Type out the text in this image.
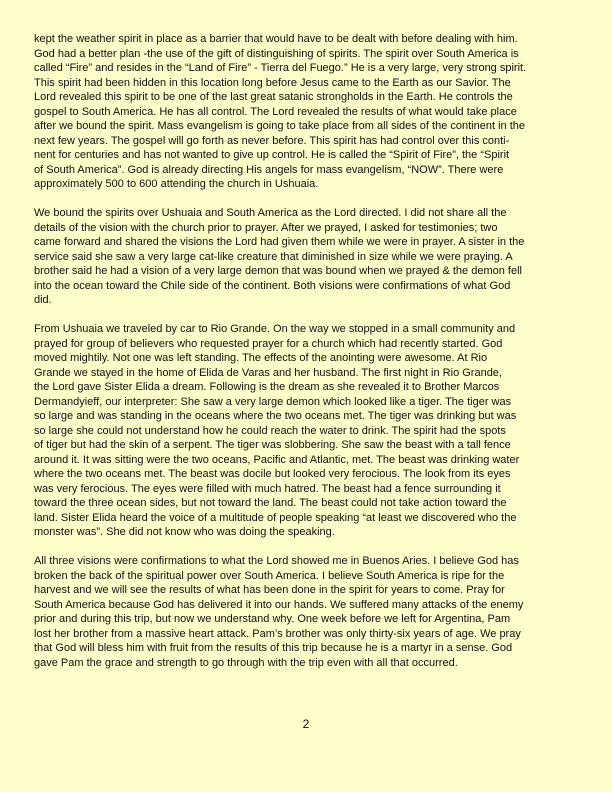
kept the weather spirit in place as a barrier that would have to be dealt with before dealing with him.
God had a better plan -the use of the gift of distinguishing of spirits. The spirit over South America is
called “Fire” and resides in the “Land of Fire” - Tierra del Fuego.” He is a very large, very strong spirit.
This spirit had been hidden in this location long before Jesus came to the Earth as our Savior. The
Lord revealed this spirit to be one of the last great satanic strongholds in the Earth. He controls the
gospel to South America. He has all control. The Lord revealed the results of what would take place
after we bound the spirit. Mass evangelism is going to take place from all sides of the continent in the
next few years. The gospel will go forth as never before. This spirit has had control over this conti-
nent for centuries and has not wanted to give up control. He is called the “Spirit of Fire”, the “Spirit
of South America”. God is already directing His angels for mass evangelism, “NOW”. There were
approximately 500 to 600 attending the church in Ushuaia.

We bound the spirits over Ushuaia and South America as the Lord directed. I did not share all the
details of the vision with the church prior to prayer. After we prayed, I asked for testimonies; two
came forward and shared the visions the Lord had given them while we were in prayer. A sister in the
service said she saw a very large cat-like creature that diminished in size while we were praying. A
brother said he had a vision of a very large demon that was bound when we prayed & the demon fell
into the ocean toward the Chile side of the continent. Both visions were confirmations of what God
did.

From Ushuaia we traveled by car to Rio Grande. On the way we stopped in a small community and
prayed for group of believers who requested prayer for a church which had recently started. God
moved mightily. Not one was left standing. The effects of the anointing were awesome. At Rio
Grande we stayed in the home of Elida de Varas and her husband. The first night in Rio Grande,
the Lord gave Sister Elida a dream. Following is the dream as she revealed it to Brother Marcos
Dermandyieff, our interpreter: She saw a very large demon which looked like a tiger. The tiger was
so large and was standing in the oceans where the two oceans met. The tiger was drinking but was
so large she could not understand how he could reach the water to drink. The spirit had the spots
of tiger but had the skin of a serpent. The tiger was slobbering. She saw the beast with a tall fence
around it. It was sitting were the two oceans, Pacific and Atlantic, met. The beast was drinking water
where the two oceans met. The beast was docile but looked very ferocious. The look from its eyes
was very ferocious. The eyes were filled with much hatred. The beast had a fence surrounding it
toward the three ocean sides, but not toward the land. The beast could not take action toward the
land. Sister Elida heard the voice of a multitude of people speaking “at least we discovered who the
monster was”. She did not know who was doing the speaking.

All three visions were confirmations to what the Lord showed me in Buenos Aries. I believe God has
broken the back of the spiritual power over South America. I believe South America is ripe for the
harvest and we will see the results of what has been done in the spirit for years to come. Pray for
South America because God has delivered it into our hands. We suffered many attacks of the enemy
prior and during this trip, but now we understand why. One week before we left for Argentina, Pam
lost her brother from a massive heart attack. Pam’s brother was only thirty-six years of age. We pray
that God will bless him with fruit from the results of this trip because he is a martyr in a sense. God
gave Pam the grace and strength to go through with the trip even with all that occurred.

2
